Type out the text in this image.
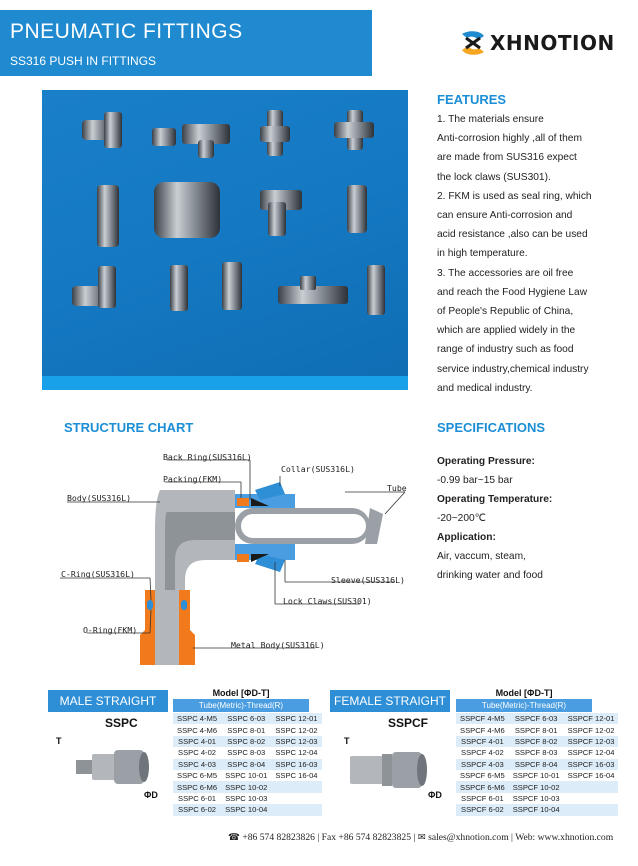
PNEUMATIC FITTINGS
SS316 PUSH IN FITTINGS
XHNOTION
FEATURES
1. The materials ensure
Anti-corrosion highly ,all of them
are made from SUS316 expect
the lock claws (SUS301).
2. FKM is used as seal ring, which
can ensure Anti-corrosion and
acid resistance ,also can be used
in high temperature.
3. The accessories are oil free
and reach the Food Hygiene Law
of People's Republic of China,
which are applied widely in the
range of industry such as food
service industry,chemical industry
and medical industry.
STRUCTURE CHART
Back Ring(SUS316L)
Collar(SUS316L)
Packing(FKM)
Tube
Body(SUS316L)
C-Ring(SUS316L)
Sleeve(SUS316L)
Lock Claws(SUS301)
O-Ring(FKM)
Metal Body(SUS316L)
SPECIFICATIONS
Operating Pressure:
-0.99 bar~15 bar
Operating Temperature:
-20~200℃
Application:
Air, vaccum, steam,
drinking water and food
MALE STRAIGHT
SSPC
T
ΦD
Model [ΦD-T]
Tube(Metric)-Thread(R)
SSPC 4-M5	SSPC 6-03	SSPC 12-01
SSPC 4-M6	SSPC 8-01	SSPC 12-02
SSPC 4-01	SSPC 8-02	SSPC 12-03
SSPC 4-02	SSPC 8-03	SSPC 12-04
SSPC 4-03	SSPC 8-04	SSPC 16-03
SSPC 6-M5	SSPC 10-01	SSPC 16-04
SSPC 6-M6	SSPC 10-02	
SSPC 6-01	SSPC 10-03	
SSPC 6-02	SSPC 10-04	
FEMALE STRAIGHT
SSPCF
T
ΦD
Model [ΦD-T]
Tube(Metric)-Thread(R)
SSPCF 4-M5	SSPCF 6-03	SSPCF 12-01
SSPCF 4-M6	SSPCF 8-01	SSPCF 12-02
SSPCF 4-01	SSPCF 8-02	SSPCF 12-03
SSPCF 4-02	SSPCF 8-03	SSPCF 12-04
SSPCF 4-03	SSPCF 8-04	SSPCF 16-03
SSPCF 6-M5	SSPCF 10-01	SSPCF 16-04
SSPCF 6-M6	SSPCF 10-02	
SSPCF 6-01	SSPCF 10-03	
SSPCF 6-02	SSPCF 10-04	
☎ +86 574 82823826 | Fax +86 574 82823825 | ✉ sales@xhnotion.com | Web: www.xhnotion.com
